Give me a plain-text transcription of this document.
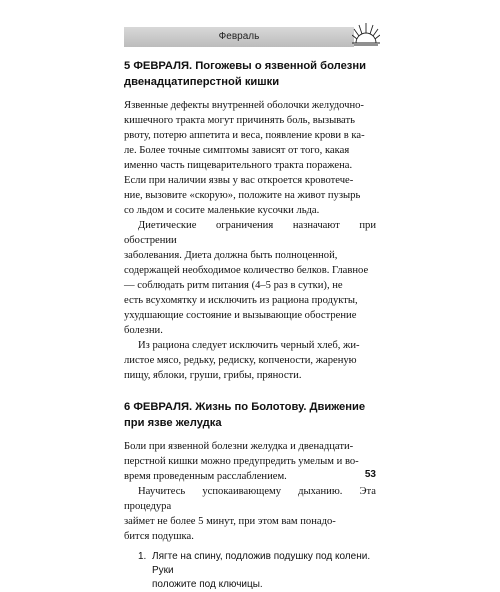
Февраль
5 ФЕВРАЛЯ. Погожевы о язвенной болезни
двенадцатиперстной кишки

Язвенные дефекты внутренней оболочки желудочно-
кишечного тракта могут причинять боль, вызывать
рвоту, потерю аппетита и веса, появление крови в ка-
ле. Более точные симптомы зависят от того, какая
именно часть пищеварительного тракта поражена.
Если при наличии язвы у вас откроется кровотече-
ние, вызовите «скорую», положите на живот пузырь
со льдом и сосите маленькие кусочки льда.

Диетические ограничения назначают при обострении
заболевания. Диета должна быть полноценной,
содержащей необходимое количество белков. Главное
— соблюдать ритм питания (4–5 раз в сутки), не
есть всухомятку и исключить из рациона продукты,
ухудшающие состояние и вызывающие обострение
болезни.

Из рациона следует исключить черный хлеб, жи-
листое мясо, редьку, редиску, копчености, жареную
пищу, яблоки, груши, грибы, пряности.

6 ФЕВРАЛЯ. Жизнь по Болотову. Движение
при язве желудка

Боли при язвенной болезни желудка и двенадцати-
перстной кишки можно предупредить умелым и во-
время проведенным расслаблением.

Научитесь успокаивающему дыханию. Эта процедура
займет не более 5 минут, при этом вам понадо-
бится подушка.

1. Лягте на спину, подложив подушку под колени. Руки
положите под ключицы.
53
